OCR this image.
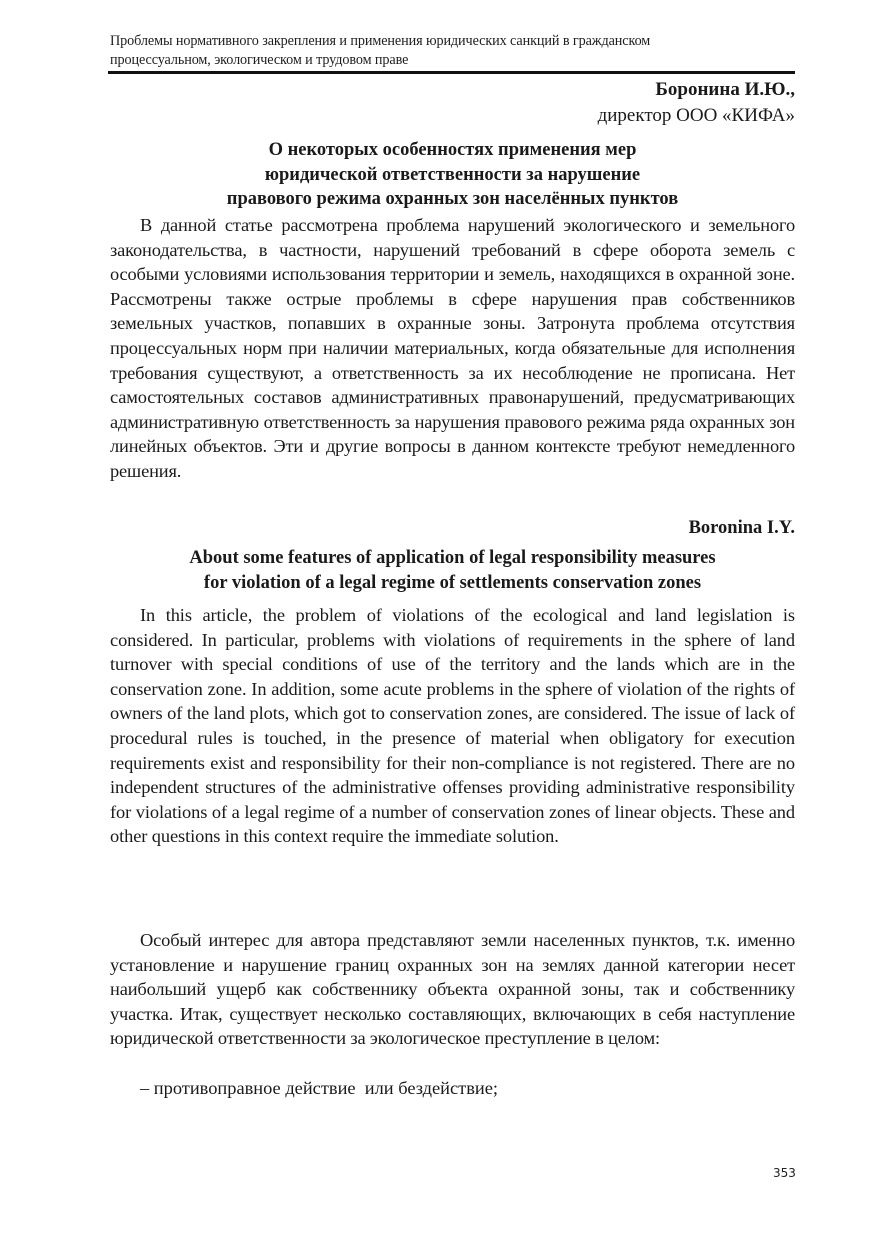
Проблемы нормативного закрепления и применения юридических санкций в гражданском
процессуальном, экологическом и трудовом праве
Боронина И.Ю.,
директор ООО «КИФА»
О некоторых особенностях применения мер
юридической ответственности за нарушение
правового режима охранных зон населённых пунктов

В данной статье рассмотрена проблема нарушений экологического и земельного законодательства, в частности, нарушений требований в сфере оборота земель с особыми условиями использования территории и земель, находящихся в охранной зоне. Рассмотрены также острые проблемы в сфере нарушения прав собственников земельных участков, попавших в охранные зоны. Затронута проблема отсутствия процессуальных норм при наличии материальных, когда обязательные для исполнения требования существуют, а ответственность за их несоблюдение не прописана. Нет самостоятельных составов административных правонарушений, предусматривающих административную ответственность за нарушения правового режима ряда охранных зон линейных объектов. Эти и другие вопросы в данном контексте требуют немедленного решения.

Boronina I.Y.
About some features of application of legal responsibility measures
for violation of a legal regime of settlements conservation zones

In this article, the problem of violations of the ecological and land legislation is considered. In particular, problems with violations of requirements in the sphere of land turnover with special conditions of use of the territory and the lands which are in the conservation zone. In addition, some acute problems in the sphere of violation of the rights of owners of the land plots, which got to conservation zones, are considered. The issue of lack of procedural rules is touched, in the presence of material when obligatory for execution requirements exist and responsibility for their non-compliance is not registered. There are no independent structures of the administrative offenses providing administrative responsibility for violations of a legal regime of a number of conservation zones of linear objects. These and other questions in this context require the immediate solution.

Особый интерес для автора представляют земли населенных пунктов, т.к. именно установление и нарушение границ охранных зон на землях данной категории несет наибольший ущерб как собственнику объекта охранной зоны, так и собственнику участка. Итак, существует несколько составляющих, включающих в себя наступление юридической ответственности за экологическое преступление в целом:

– противоправное действие  или бездействие;
353
